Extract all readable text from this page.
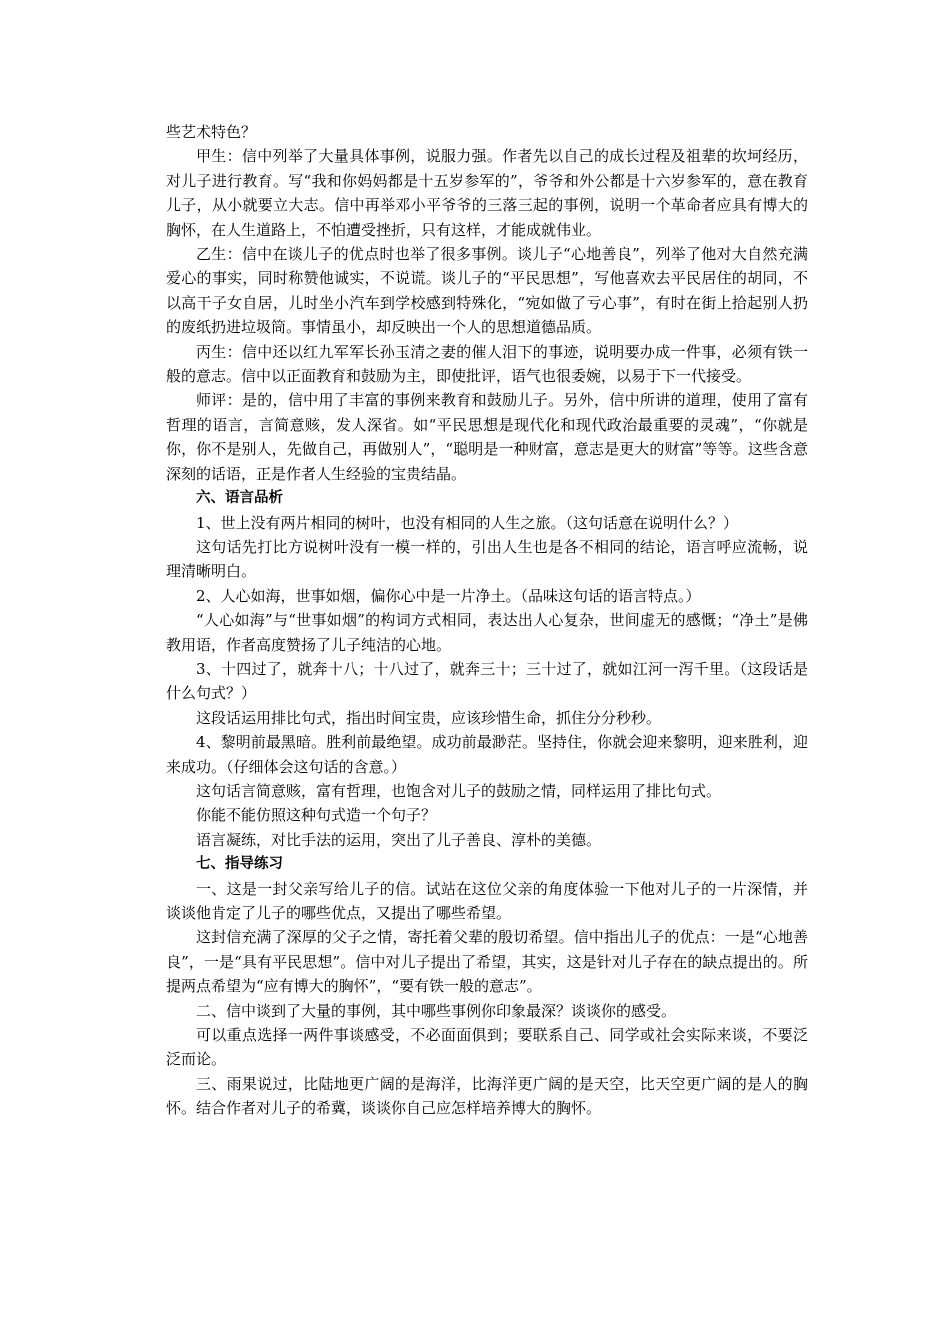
些艺术特色？

甲生：信中列举了大量具体事例，说服力强。作者先以自己的成长过程及祖辈的坎坷经历，对儿子进行教育。写“我和你妈妈都是十五岁参军的”，爷爷和外公都是十六岁参军的，意在教育儿子，从小就要立大志。信中再举邓小平爷爷的三落三起的事例，说明一个革命者应具有博大的胸怀，在人生道路上，不怕遭受挫折，只有这样，才能成就伟业。

乙生：信中在谈儿子的优点时也举了很多事例。谈儿子“心地善良”，列举了他对大自然充满爱心的事实，同时称赞他诚实，不说谎。谈儿子的“平民思想”，写他喜欢去平民居住的胡同，不以高干子女自居，儿时坐小汽车到学校感到特殊化，“宛如做了亏心事”，有时在街上拾起别人扔的废纸扔进垃圾筒。事情虽小，却反映出一个人的思想道德品质。

丙生：信中还以红九军军长孙玉清之妻的催人泪下的事迹，说明要办成一件事，必须有铁一般的意志。信中以正面教育和鼓励为主，即使批评，语气也很委婉，以易于下一代接受。

师评：是的，信中用了丰富的事例来教育和鼓励儿子。另外，信中所讲的道理，使用了富有哲理的语言，言简意赅，发人深省。如“平民思想是现代化和现代政治最重要的灵魂”，“你就是你，你不是别人，先做自己，再做别人”，“聪明是一种财富，意志是更大的财富”等等。这些含意深刻的话语，正是作者人生经验的宝贵结晶。

六、语言品析

1、世上没有两片相同的树叶，也没有相同的人生之旅。（这句话意在说明什么？）

这句话先打比方说树叶没有一模一样的，引出人生也是各不相同的结论，语言呼应流畅，说理清晰明白。

2、人心如海，世事如烟，偏你心中是一片净土。（品味这句话的语言特点。）

“人心如海”与“世事如烟”的构词方式相同，表达出人心复杂，世间虚无的感慨；“净土”是佛教用语，作者高度赞扬了儿子纯洁的心地。

3、十四过了，就奔十八；十八过了，就奔三十；三十过了，就如江河一泻千里。（这段话是什么句式？）

这段话运用排比句式，指出时间宝贵，应该珍惜生命，抓住分分秒秒。

4、黎明前最黑暗。胜利前最绝望。成功前最渺茫。坚持住，你就会迎来黎明，迎来胜利，迎来成功。（仔细体会这句话的含意。）

这句话言简意赅，富有哲理，也饱含对儿子的鼓励之情，同样运用了排比句式。

你能不能仿照这种句式造一个句子？

语言凝练，对比手法的运用，突出了儿子善良、淳朴的美德。

七、指导练习

一、这是一封父亲写给儿子的信。试站在这位父亲的角度体验一下他对儿子的一片深情，并谈谈他肯定了儿子的哪些优点，又提出了哪些希望。

这封信充满了深厚的父子之情，寄托着父辈的殷切希望。信中指出儿子的优点：一是“心地善良”，一是“具有平民思想”。信中对儿子提出了希望，其实，这是针对儿子存在的缺点提出的。所提两点希望为“应有博大的胸怀”，“要有铁一般的意志”。

二、信中谈到了大量的事例，其中哪些事例你印象最深？谈谈你的感受。

可以重点选择一两件事谈感受，不必面面俱到；要联系自己、同学或社会实际来谈，不要泛泛而论。

三、雨果说过，比陆地更广阔的是海洋，比海洋更广阔的是天空，比天空更广阔的是人的胸怀。结合作者对儿子的希冀，谈谈你自己应怎样培养博大的胸怀。
